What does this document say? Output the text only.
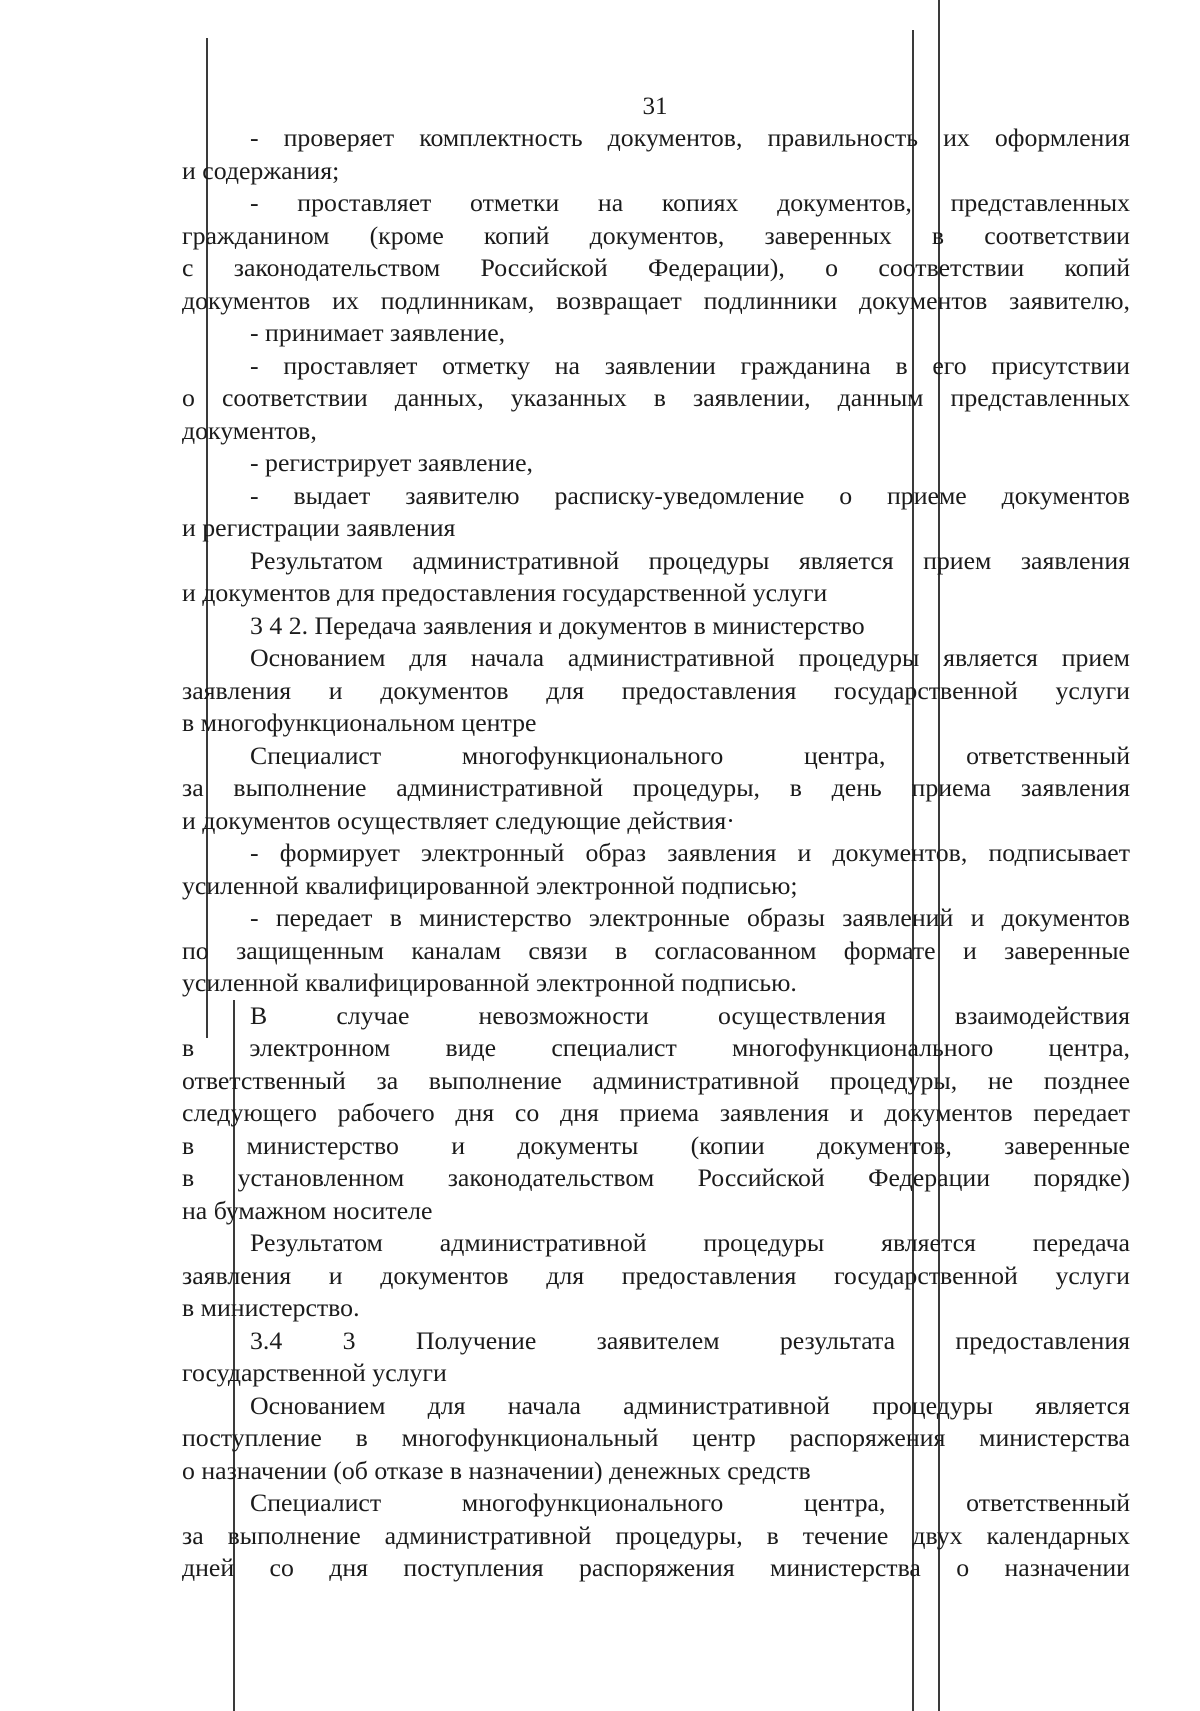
31
- проверяет комплектность документов, правильность их оформления
и содержания;
- проставляет отметки на копиях документов, представленных
гражданином (кроме копий документов, заверенных в соответствии
с законодательством Российской Федерации), о соответствии копий
документов их подлинникам, возвращает подлинники документов заявителю,
- принимает заявление,
- проставляет отметку на заявлении гражданина в его присутствии
о соответствии данных, указанных в заявлении, данным представленных
документов,
- регистрирует заявление,
- выдает заявителю расписку-уведомление о приеме документов
и регистрации заявления
Результатом административной процедуры является прием заявления
и документов для предоставления государственной услуги
3 4 2. Передача заявления и документов в министерство
Основанием для начала административной процедуры является прием
заявления и документов для предоставления государственной услуги
в многофункциональном центре
Специалист многофункционального центра, ответственный
за выполнение административной процедуры, в день приема заявления
и документов осуществляет следующие действия·
- формирует электронный образ заявления и документов, подписывает
усиленной квалифицированной электронной подписью;
- передает в министерство электронные образы заявлений и документов
по защищенным каналам связи в согласованном формате и заверенные
усиленной квалифицированной электронной подписью.
В случае невозможности осуществления взаимодействия
в электронном виде специалист многофункционального центра,
ответственный за выполнение административной процедуры, не позднее
следующего рабочего дня со дня приема заявления и документов передает
в министерство и документы (копии документов, заверенные
в установленном законодательством Российской Федерации порядке)
на бумажном носителе
Результатом административной процедуры является передача
заявления и документов для предоставления государственной услуги
в министерство.
3.4 3 Получение заявителем результата предоставления
государственной услуги
Основанием для начала административной процедуры является
поступление в многофункциональный центр распоряжения министерства
о назначении (об отказе в назначении) денежных средств
Специалист многофункционального центра, ответственный
за выполнение административной процедуры, в течение двух календарных
дней со дня поступления распоряжения министерства о назначении
